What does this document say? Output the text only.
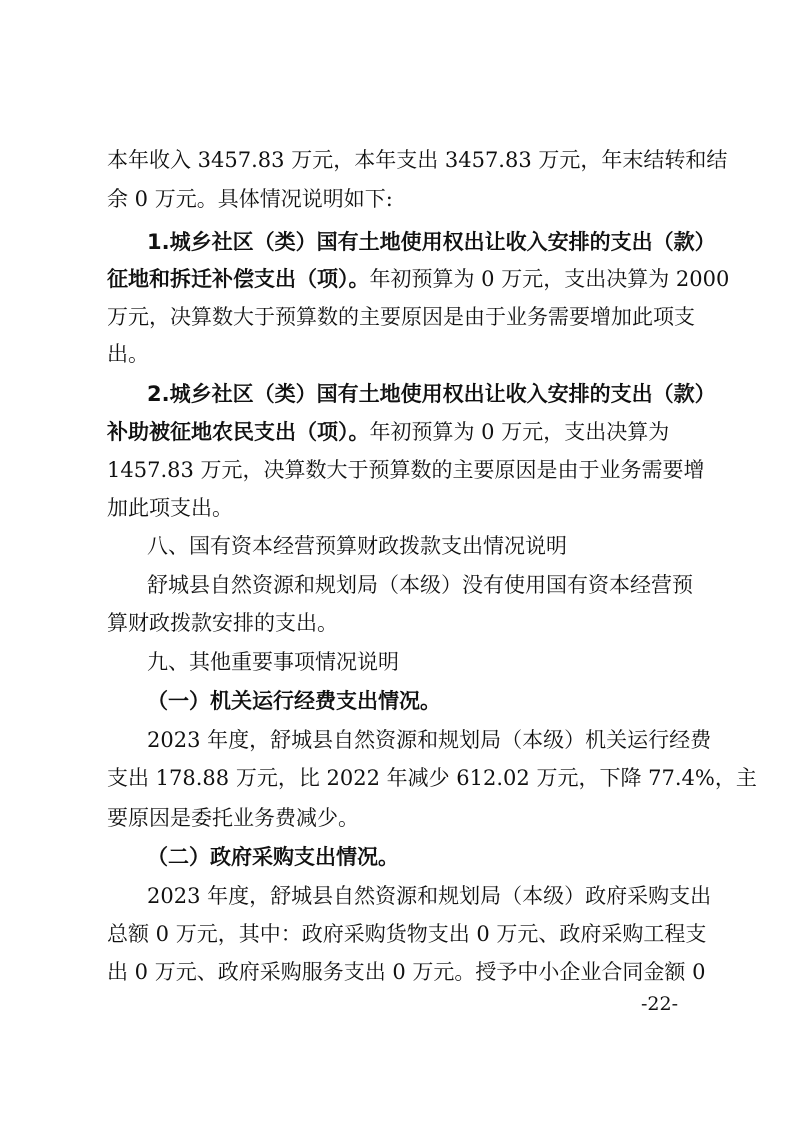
本年收入 3457.83 万元，本年支出 3457.83 万元，年末结转和结
余 0 万元。具体情况说明如下:
1.城乡社区（类）国有土地使用权出让收入安排的支出（款）
征地和拆迁补偿支出（项）。年初预算为 0 万元，支出决算为 2000
万元，决算数大于预算数的主要原因是由于业务需要增加此项支
出。
2.城乡社区（类）国有土地使用权出让收入安排的支出（款）
补助被征地农民支出（项）。年初预算为 0 万元，支出决算为
1457.83 万元，决算数大于预算数的主要原因是由于业务需要增
加此项支出。
八、国有资本经营预算财政拨款支出情况说明
舒城县自然资源和规划局（本级）没有使用国有资本经营预
算财政拨款安排的支出。
九、其他重要事项情况说明
（一）机关运行经费支出情况。
2023 年度，舒城县自然资源和规划局（本级）机关运行经费
支出 178.88 万元，比 2022 年减少 612.02 万元，下降 77.4%，主
要原因是委托业务费减少。
（二）政府采购支出情况。
2023 年度，舒城县自然资源和规划局（本级）政府采购支出
总额 0 万元，其中：政府采购货物支出 0 万元、政府采购工程支
出 0 万元、政府采购服务支出 0 万元。授予中小企业合同金额 0
-22-
